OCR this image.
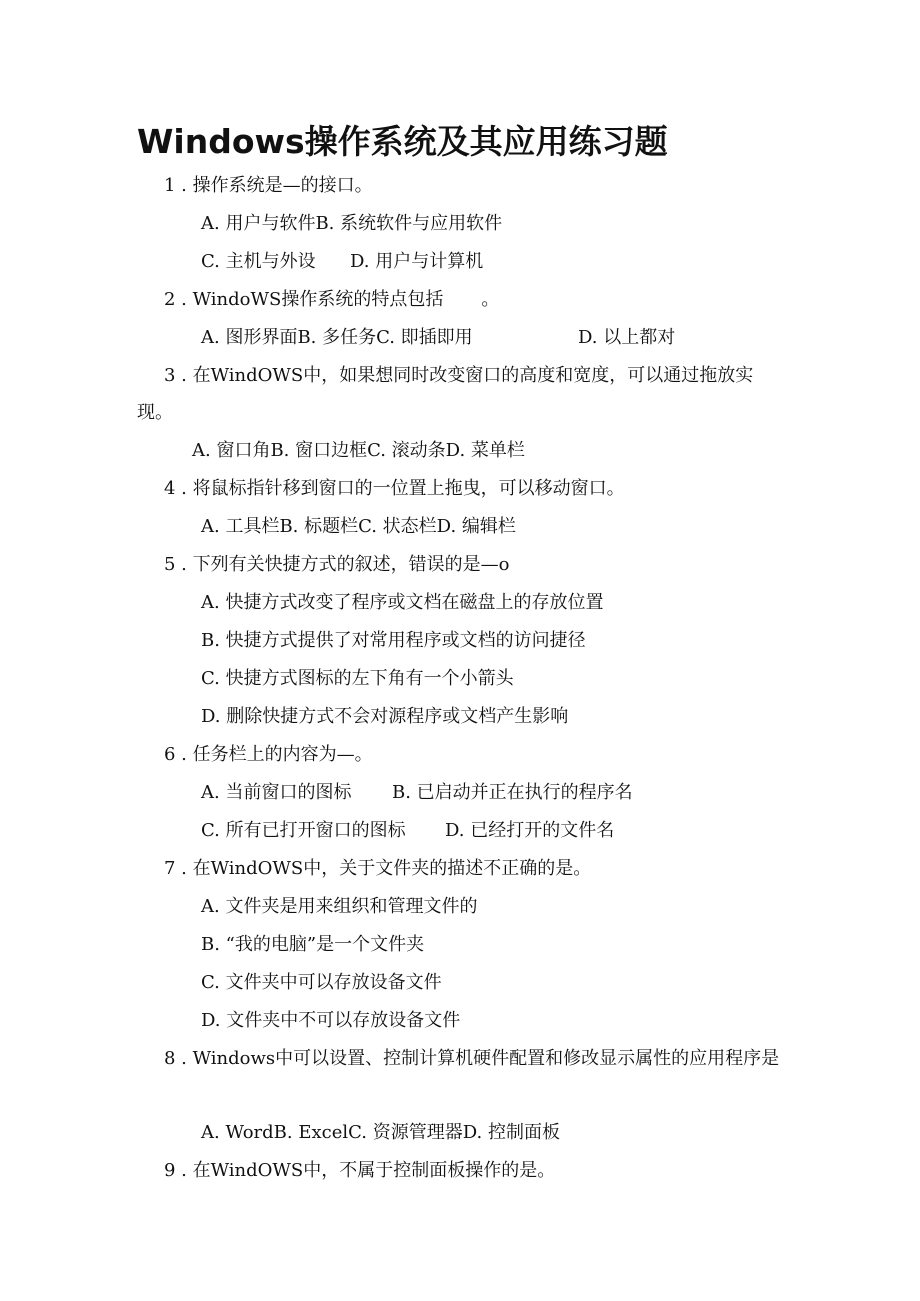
Windows操作系统及其应用练习题

1 . 操作系统是—的接口。

A. 用户与软件B. 系统软件与应用软件

C. 主机与外设 D. 用户与计算机

2 . WindoWS操作系统的特点包括 。

A. 图形界面B. 多任务C. 即插即用	D. 以上都对

3 . 在WindOWS中，如果想同时改变窗口的高度和宽度，可以通过拖放实

现。

A. 窗口角B. 窗口边框C. 滚动条D. 菜单栏

4 . 将鼠标指针移到窗口的一位置上拖曳，可以移动窗口。

A. 工具栏B. 标题栏C. 状态栏D. 编辑栏

5 . 下列有关快捷方式的叙述，错误的是—o

A. 快捷方式改变了程序或文档在磁盘上的存放位置

B. 快捷方式提供了对常用程序或文档的访问捷径

C. 快捷方式图标的左下角有一个小箭头

D. 删除快捷方式不会对源程序或文档产生影响

6 . 任务栏上的内容为—。

A. 当前窗口的图标 B. 已启动并正在执行的程序名

C. 所有已打开窗口的图标 D. 已经打开的文件名

7 . 在WindOWS中，关于文件夹的描述不正确的是。

A. 文件夹是用来组织和管理文件的

B. “我的电脑”是一个文件夹

C. 文件夹中可以存放设备文件

D. 文件夹中不可以存放设备文件

8 . Windows中可以设置、控制计算机硬件配置和修改显示属性的应用程序是

A. WordB. ExcelC. 资源管理器D. 控制面板

9 . 在WindOWS中，不属于控制面板操作的是。
